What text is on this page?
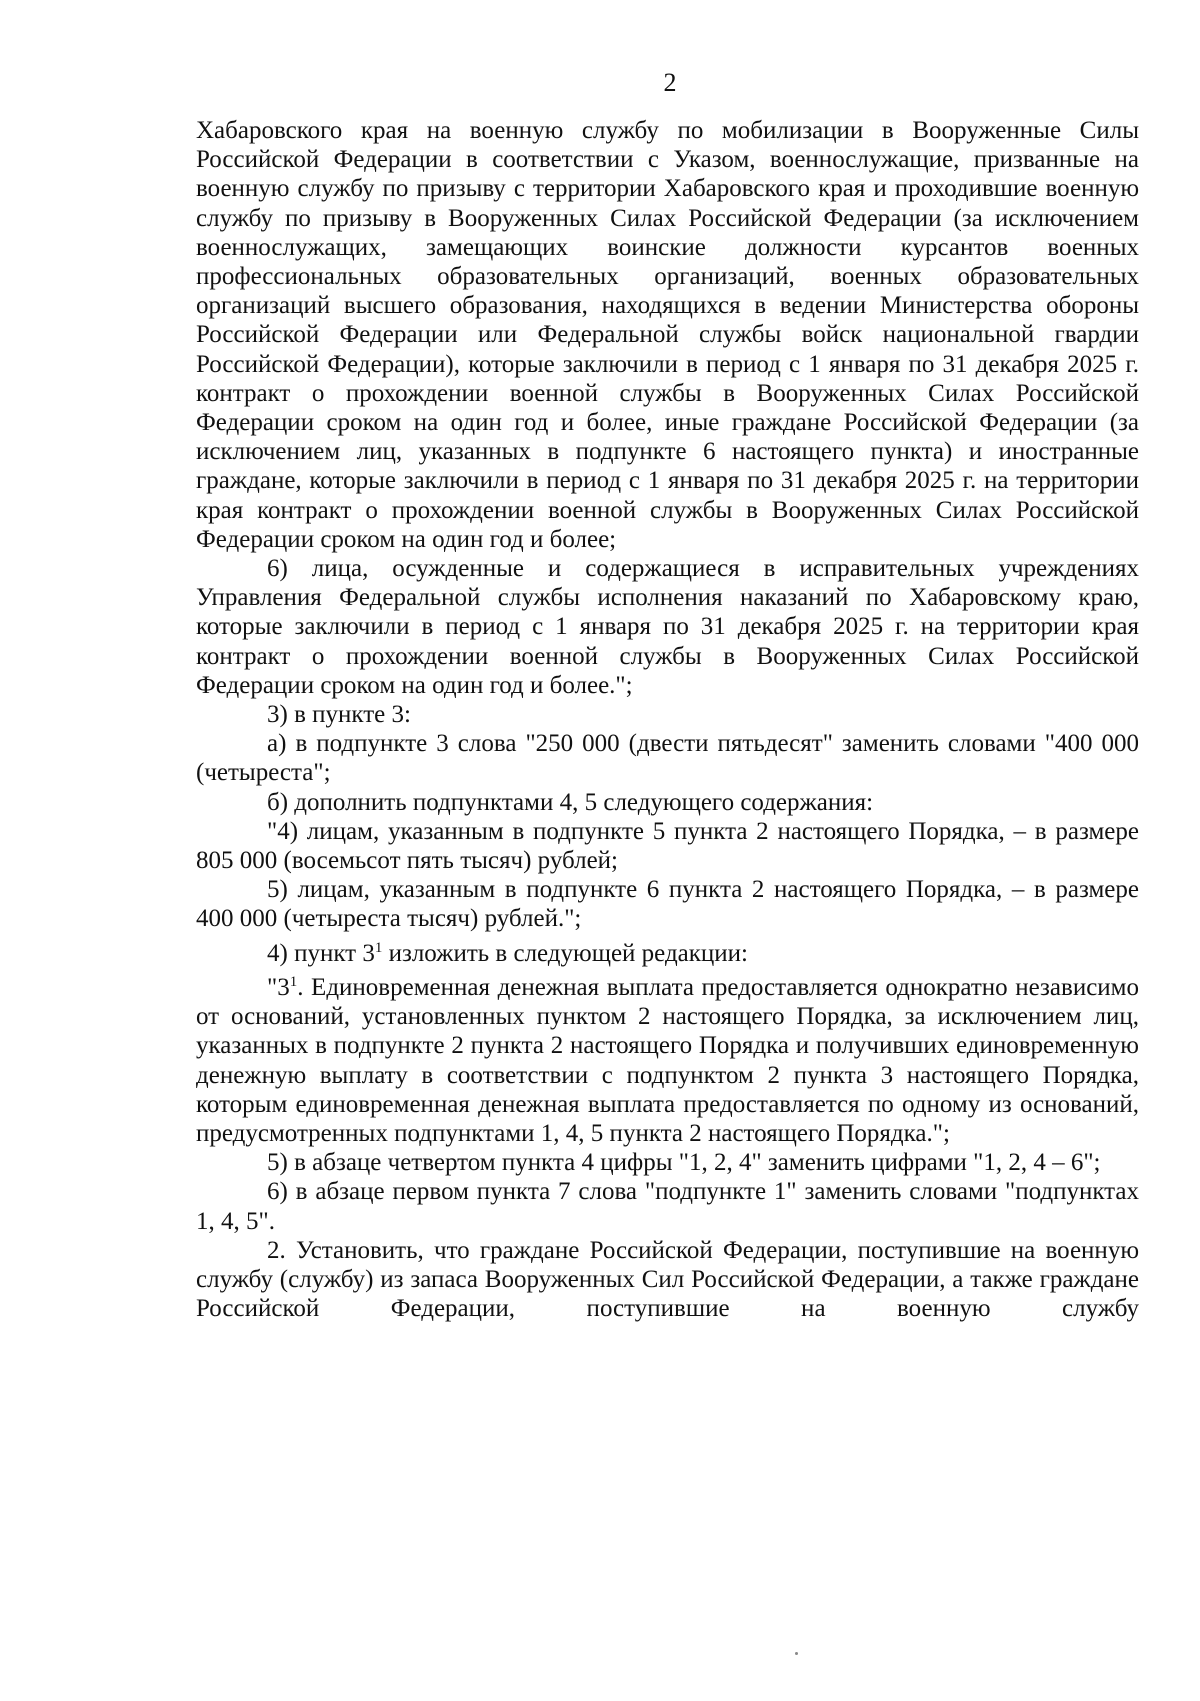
2

Хабаровского края на военную службу по мобилизации в Вооруженные Силы Российской Федерации в соответствии с Указом, военнослужащие, призванные на военную службу по призыву с территории Хабаровского края и проходившие военную службу по призыву в Вооруженных Силах Российской Федерации (за исключением военнослужащих, замещающих воинские должности курсантов военных профессиональных образовательных организаций, военных образовательных организаций высшего образования, находящихся в ведении Министерства обороны Российской Федерации или Федеральной службы войск национальной гвардии Российской Федерации), которые заключили в период с 1 января по 31 декабря 2025 г. контракт о прохождении военной службы в Вооруженных Силах Российской Федерации сроком на один год и более, иные граждане Российской Федерации (за исключением лиц, указанных в подпункте 6 настоящего пункта) и иностранные граждане, которые заключили в период с 1 января по 31 декабря 2025 г. на территории края контракт о прохождении военной службы в Вооруженных Силах Российской Федерации сроком на один год и более;

6) лица, осужденные и содержащиеся в исправительных учреждениях Управления Федеральной службы исполнения наказаний по Хабаровскому краю, которые заключили в период с 1 января по 31 декабря 2025 г. на территории края контракт о прохождении военной службы в Вооруженных Силах Российской Федерации сроком на один год и более.";

3) в пункте 3:

а) в подпункте 3 слова "250 000 (двести пятьдесят" заменить словами "400 000 (четыреста";

б) дополнить подпунктами 4, 5 следующего содержания:

"4) лицам, указанным в подпункте 5 пункта 2 настоящего Порядка, – в размере 805 000 (восемьсот пять тысяч) рублей;

5) лицам, указанным в подпункте 6 пункта 2 настоящего Порядка, – в размере 400 000 (четыреста тысяч) рублей.";

4) пункт $3^1$ изложить в следующей редакции:

"$3^1$. Единовременная денежная выплата предоставляется однократно независимо от оснований, установленных пунктом 2 настоящего Порядка, за исключением лиц, указанных в подпункте 2 пункта 2 настоящего Порядка и получивших единовременную денежную выплату в соответствии с подпунктом 2 пункта 3 настоящего Порядка, которым единовременная денежная выплата предоставляется по одному из оснований, предусмотренных подпунктами 1, 4, 5 пункта 2 настоящего Порядка.";

5) в абзаце четвертом пункта 4 цифры "1, 2, 4" заменить цифрами "1, 2, 4 – 6";

6) в абзаце первом пункта 7 слова "подпункте 1" заменить словами "подпунктах 1, 4, 5".

2. Установить, что граждане Российской Федерации, поступившие на военную службу (службу) из запаса Вооруженных Сил Российской Федерации, а также граждане Российской Федерации, поступившие на военную службу
